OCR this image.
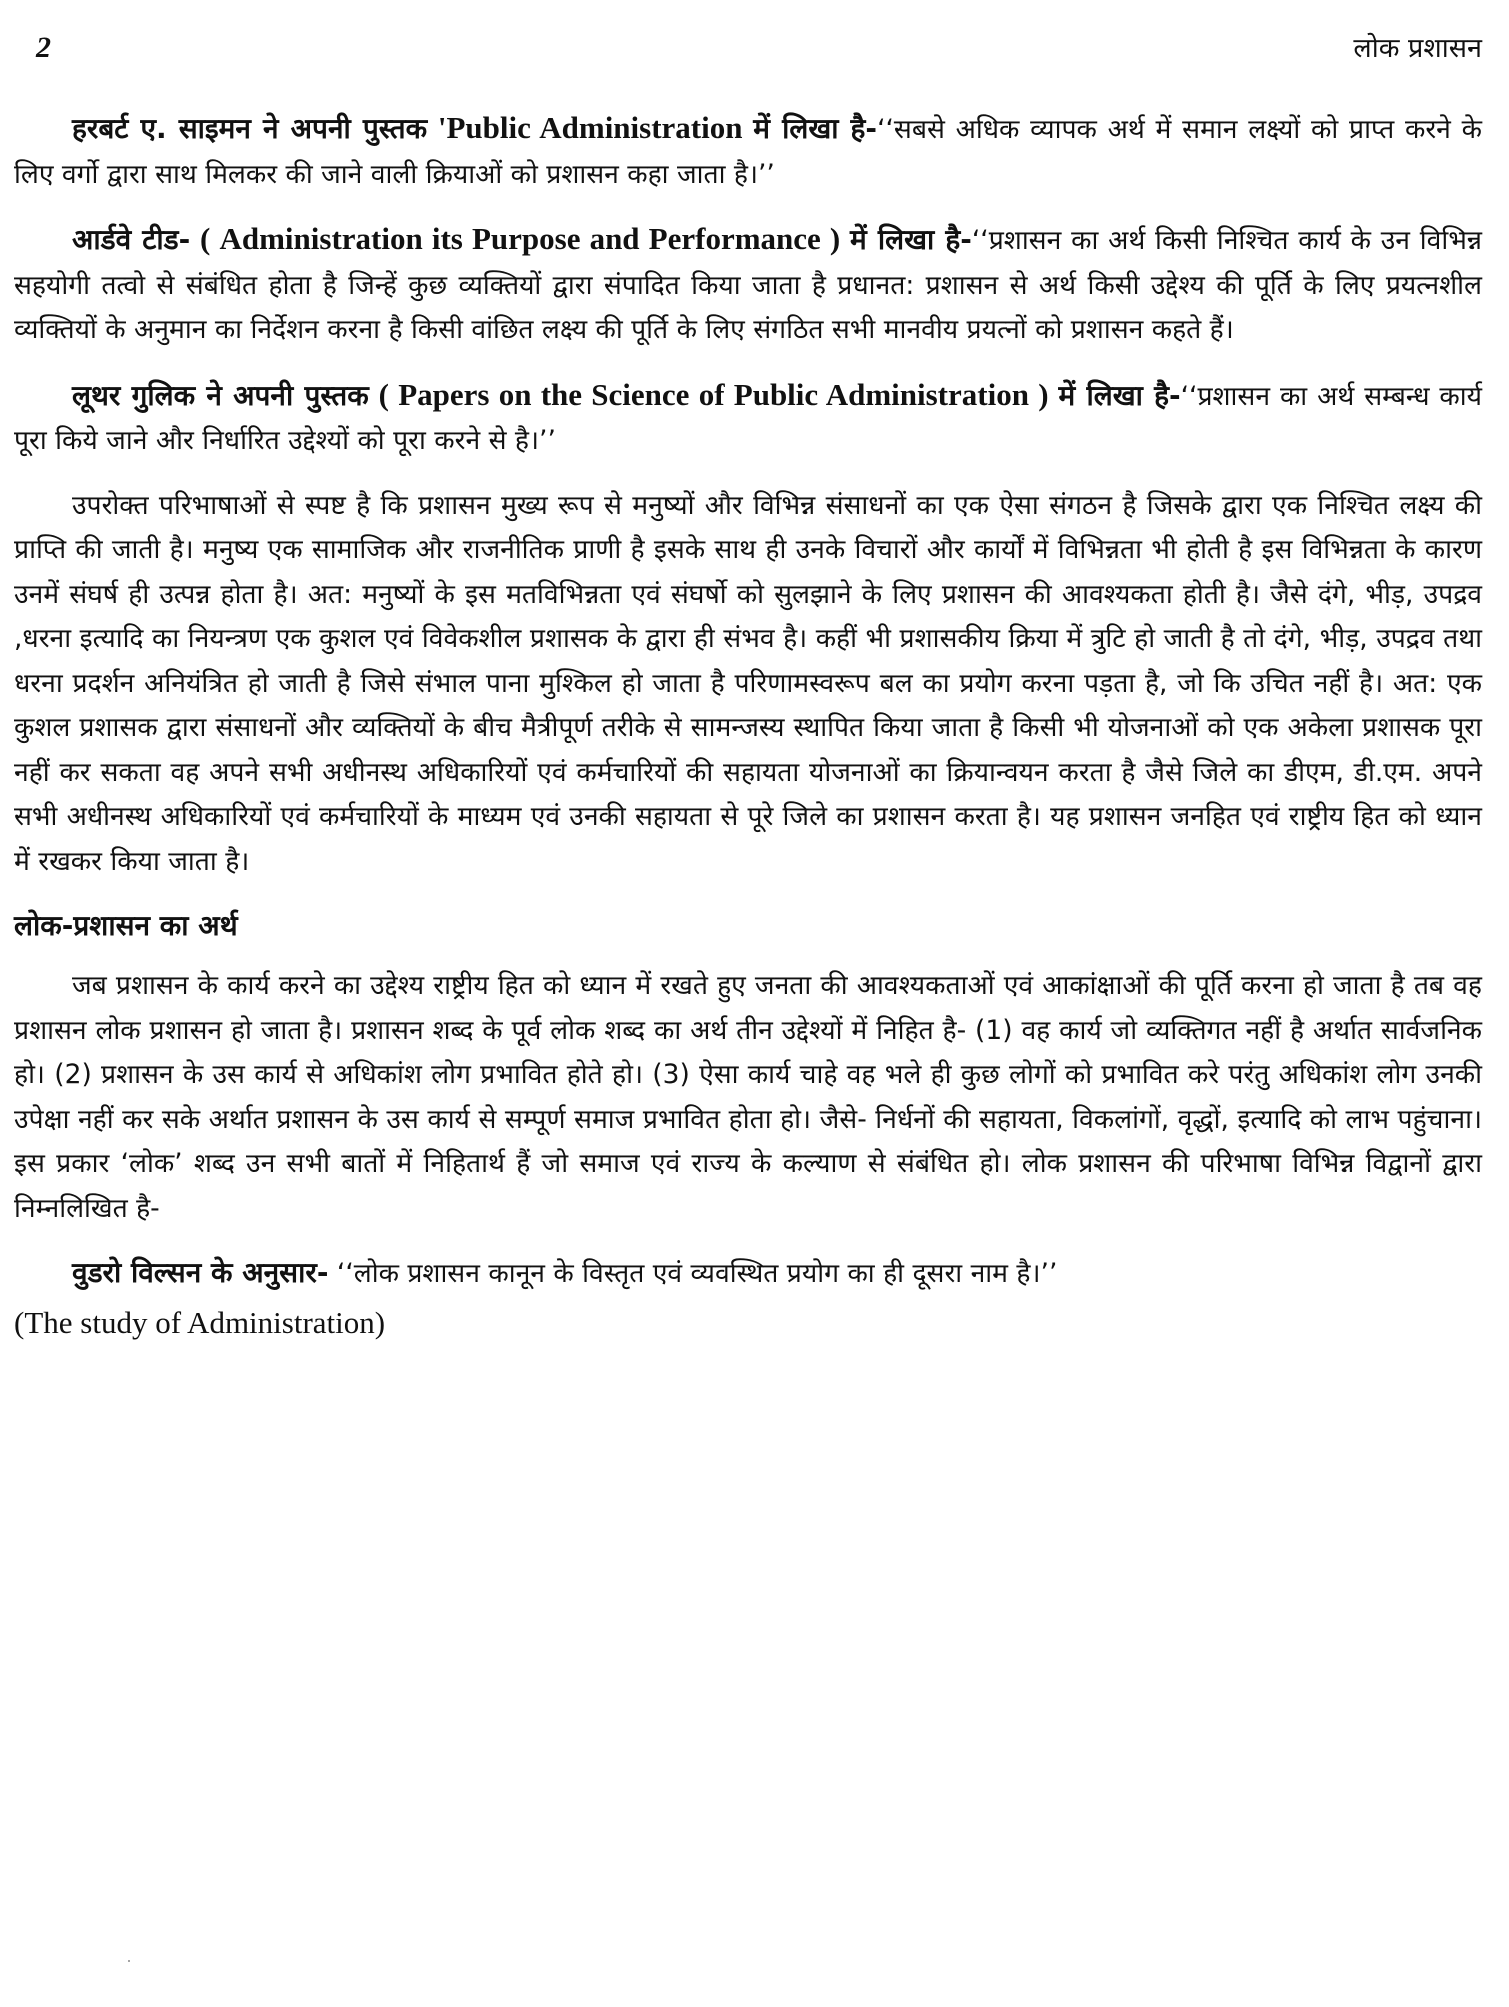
2	लोक प्रशासन

हरबर्ट ए. साइमन ने अपनी पुस्तक 'Public Administration में लिखा है-‘‘सबसे अधिक व्यापक अर्थ में समान लक्ष्यों को प्राप्त करने के लिए वर्गो द्वारा साथ मिलकर की जाने वाली क्रियाओं को प्रशासन कहा जाता है।’’

आर्डवे टीड- ( Administration its Purpose and Performance ) में लिखा है-‘‘प्रशासन का अर्थ किसी निश्चित कार्य के उन विभिन्न सहयोगी तत्वो से संबंधित होता है जिन्हें कुछ व्यक्तियों द्वारा संपादित किया जाता है प्रधानत: प्रशासन से अर्थ किसी उद्देश्य की पूर्ति के लिए प्रयत्नशील व्यक्तियों के अनुमान का निर्देशन करना है किसी वांछित लक्ष्य की पूर्ति के लिए संगठित सभी मानवीय प्रयत्नों को प्रशासन कहते हैं।

लूथर गुलिक ने अपनी पुस्तक ( Papers on the Science of Public Administration ) में लिखा है-‘‘प्रशासन का अर्थ सम्बन्ध कार्य पूरा किये जाने और निर्धारित उद्देश्यों को पूरा करने से है।’’

उपरोक्त परिभाषाओं से स्पष्ट है कि प्रशासन मुख्य रूप से मनुष्यों और विभिन्न संसाधनों का एक ऐसा संगठन है जिसके द्वारा एक निश्चित लक्ष्य की प्राप्ति की जाती है। मनुष्य एक सामाजिक और राजनीतिक प्राणी है इसके साथ ही उनके विचारों और कार्यों में विभिन्नता भी होती है इस विभिन्नता के कारण उनमें संघर्ष ही उत्पन्न होता है। अत: मनुष्यों के इस मतविभिन्नता एवं संघर्षो को सुलझाने के लिए प्रशासन की आवश्यकता होती है। जैसे दंगे, भीड़, उपद्रव ,धरना इत्यादि का नियन्त्रण एक कुशल एवं विवेकशील प्रशासक के द्वारा ही संभव है। कहीं भी प्रशासकीय क्रिया में त्रुटि हो जाती है तो दंगे, भीड़, उपद्रव तथा धरना प्रदर्शन अनियंत्रित हो जाती है जिसे संभाल पाना मुश्किल हो जाता है परिणामस्वरूप बल का प्रयोग करना पड़ता है, जो कि उचित नहीं है। अत: एक कुशल प्रशासक द्वारा संसाधनों और व्यक्तियों के बीच मैत्रीपूर्ण तरीके से सामन्जस्य स्थापित किया जाता है किसी भी योजनाओं को एक अकेला प्रशासक पूरा नहीं कर सकता वह अपने सभी अधीनस्थ अधिकारियों एवं कर्मचारियों की सहायता योजनाओं का क्रियान्वयन करता है जैसे जिले का डीएम, डी.एम. अपने सभी अधीनस्थ अधिकारियों एवं कर्मचारियों के माध्यम एवं उनकी सहायता से पूरे जिले का प्रशासन करता है। यह प्रशासन जनहित एवं राष्ट्रीय हित को ध्यान में रखकर किया जाता है।

लोक-प्रशासन का अर्थ

जब प्रशासन के कार्य करने का उद्देश्य राष्ट्रीय हित को ध्यान में रखते हुए जनता की आवश्यकताओं एवं आकांक्षाओं की पूर्ति करना हो जाता है तब वह प्रशासन लोक प्रशासन हो जाता है। प्रशासन शब्द के पूर्व लोक शब्द का अर्थ तीन उद्देश्यों में निहित है- (1) वह कार्य जो व्यक्तिगत नहीं है अर्थात सार्वजनिक हो। (2) प्रशासन के उस कार्य से अधिकांश लोग प्रभावित होते हो। (3) ऐसा कार्य चाहे वह भले ही कुछ लोगों को प्रभावित करे परंतु अधिकांश लोग उनकी उपेक्षा नहीं कर सके अर्थात प्रशासन के उस कार्य से सम्पूर्ण समाज प्रभावित होता हो। जैसे- निर्धनों की सहायता, विकलांगों, वृद्धों, इत्यादि को लाभ पहुंचाना। इस प्रकार ‘लोक’ शब्द उन सभी बातों में निहितार्थ हैं जो समाज एवं राज्य के कल्याण से संबंधित हो। लोक प्रशासन की परिभाषा विभिन्न विद्वानों द्वारा निम्नलिखित है-

वुडरो विल्सन के अनुसार- ‘‘लोक प्रशासन कानून के विस्तृत एवं व्यवस्थित प्रयोग का ही दूसरा नाम है।’’

(The study of Administration)
